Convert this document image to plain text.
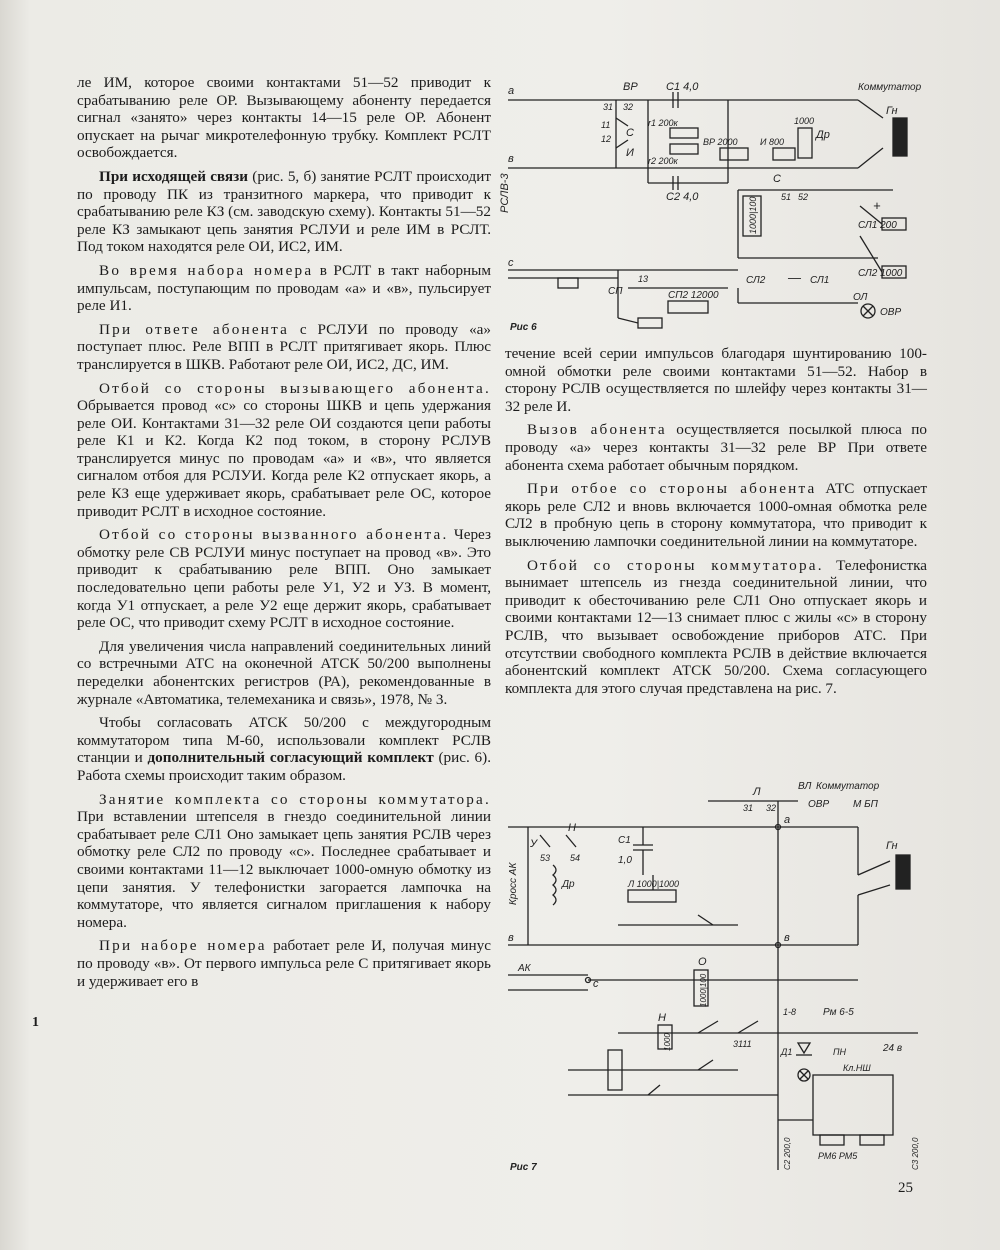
ле ИМ, которое своими контактами 51—52 приводит к срабатыванию реле ОР. Вызывающему абоненту передается сигнал «занято» через контакты 14—15 реле ОР. Абонент опускает на рычаг микротелефонную трубку. Комплект РСЛТ освобождается.

При исходящей связи (рис. 5, б) занятие РСЛТ происходит по проводу ПК из транзитного маркера, что приводит к срабатыванию реле КЗ (см. заводскую схему). Контакты 51—52 реле КЗ замыкают цепь занятия РСЛУИ и реле ИМ в РСЛТ. Под током находятся реле ОИ, ИС2, ИМ.

Во время набора номера в РСЛТ в такт наборным импульсам, поступающим по проводам «а» и «в», пульсирует реле И1.

При ответе абонента с РСЛУИ по проводу «а» поступает плюс. Реле ВПП в РСЛТ притягивает якорь. Плюс транслируется в ШКВ. Работают реле ОИ, ИС2, ДС, ИМ.

Отбой со стороны вызывающего абонента. Обрывается провод «с» со стороны ШКВ и цепь удержания реле ОИ. Контактами 31—32 реле ОИ создаются цепи работы реле К1 и К2. Когда К2 под током, в сторону РСЛУВ транслируется минус по проводам «а» и «в», что является сигналом отбоя для РСЛУИ. Когда реле К2 отпускает якорь, а реле КЗ еще удерживает якорь, срабатывает реле ОС, которое приводит РСЛТ в исходное состояние.

Отбой со стороны вызванного абонента. Через обмотку реле СВ РСЛУИ минус поступает на провод «в». Это приводит к срабатыванию реле ВПП. Оно замыкает последовательно цепи работы реле У1, У2 и УЗ. В момент, когда У1 отпускает, а реле У2 еще держит якорь, срабатывает реле ОС, что приводит схему РСЛТ в исходное состояние.

Для увеличения числа направлений соединительных линий со встречными АТС на оконечной АТСК 50/200 выполнены переделки абонентских регистров (РА), рекомендованные в журнале «Автоматика, телемеханика и связь», 1978, № 3.

Чтобы согласовать АТСК 50/200 с междугородным коммутатором типа М-60, использовали комплект РСЛВ станции и дополнительный согласующий комплект (рис. 6). Работа схемы происходит таким образом.

Занятие комплекта со стороны коммутатора. При вставлении штепселя в гнездо соединительной линии срабатывает реле СЛ1 Оно замыкает цепь занятия РСЛВ через обмотку реле СЛ2 по проводу «с». Последнее срабатывает и своими контактами 11—12 выключает 1000-омную обмотку из цепи занятия. У телефонистки загорается лампочка на коммутаторе, что является сигналом приглашения к набору номера.

При наборе номера работает реле И, получая минус по проводу «в». От первого импульса реле С притягивает якорь и удерживает его в

а
в
с
РСЛВ-3
ВР
31 32
С1 4,0
С2 4,0
r1 200к
r2 200к
ВР 2000 И 800
С
И
11
12
Коммутатор
Гн
Др
1000
1000|100
С
51 52
СЛ1 200
СЛ2 1000
+
—
СП	СП2 12000
13	СЛ2	СЛ1
ОЛ
ОВР
Рис 6

течение всей серии импульсов благодаря шунтированию 100-омной обмотки реле своими контактами 51—52. Набор в сторону РСЛВ осуществляется по шлейфу через контакты 31—32 реле И.

Вызов абонента осуществляется посылкой плюса по проводу «а» через контакты 31—32 реле ВР При ответе абонента схема работает обычным порядком.

При отбое со стороны абонента АТС отпускает якорь реле СЛ2 и вновь включается 1000-омная обмотка реле СЛ2 в пробную цепь в сторону коммутатора, что приводит к выключению лампочки соединительной линии на коммутаторе.

Отбой со стороны коммутатора. Телефонистка вынимает штепсель из гнезда соединительной линии, что приводит к обесточиванию реле СЛ1 Оно отпускает якорь и своими контактами 12—13 снимает плюс с жилы «с» в сторону РСЛВ, что вызывает освобождение приборов АТС. При отсутствии свободного комплекта РСЛВ в действие включается абонентский комплект АТСК 50/200. Схема согласующего комплекта для этого случая представлена на рис. 7.

Л
31 32
ВЛ Коммутатор
ОВР М БП
а
в
в
с
Кросс АК
У
Н
53 54
Др
С1
1,0
Гн
Л 1000|1000
О
1000|100
АК
Н
1000
Рм 6-5
Д1	ПН	24 в
Кл.НШ
С3 200,0
С2 200,0	РМ6 РМ5
1-8
3111
Рис 7
25
1
